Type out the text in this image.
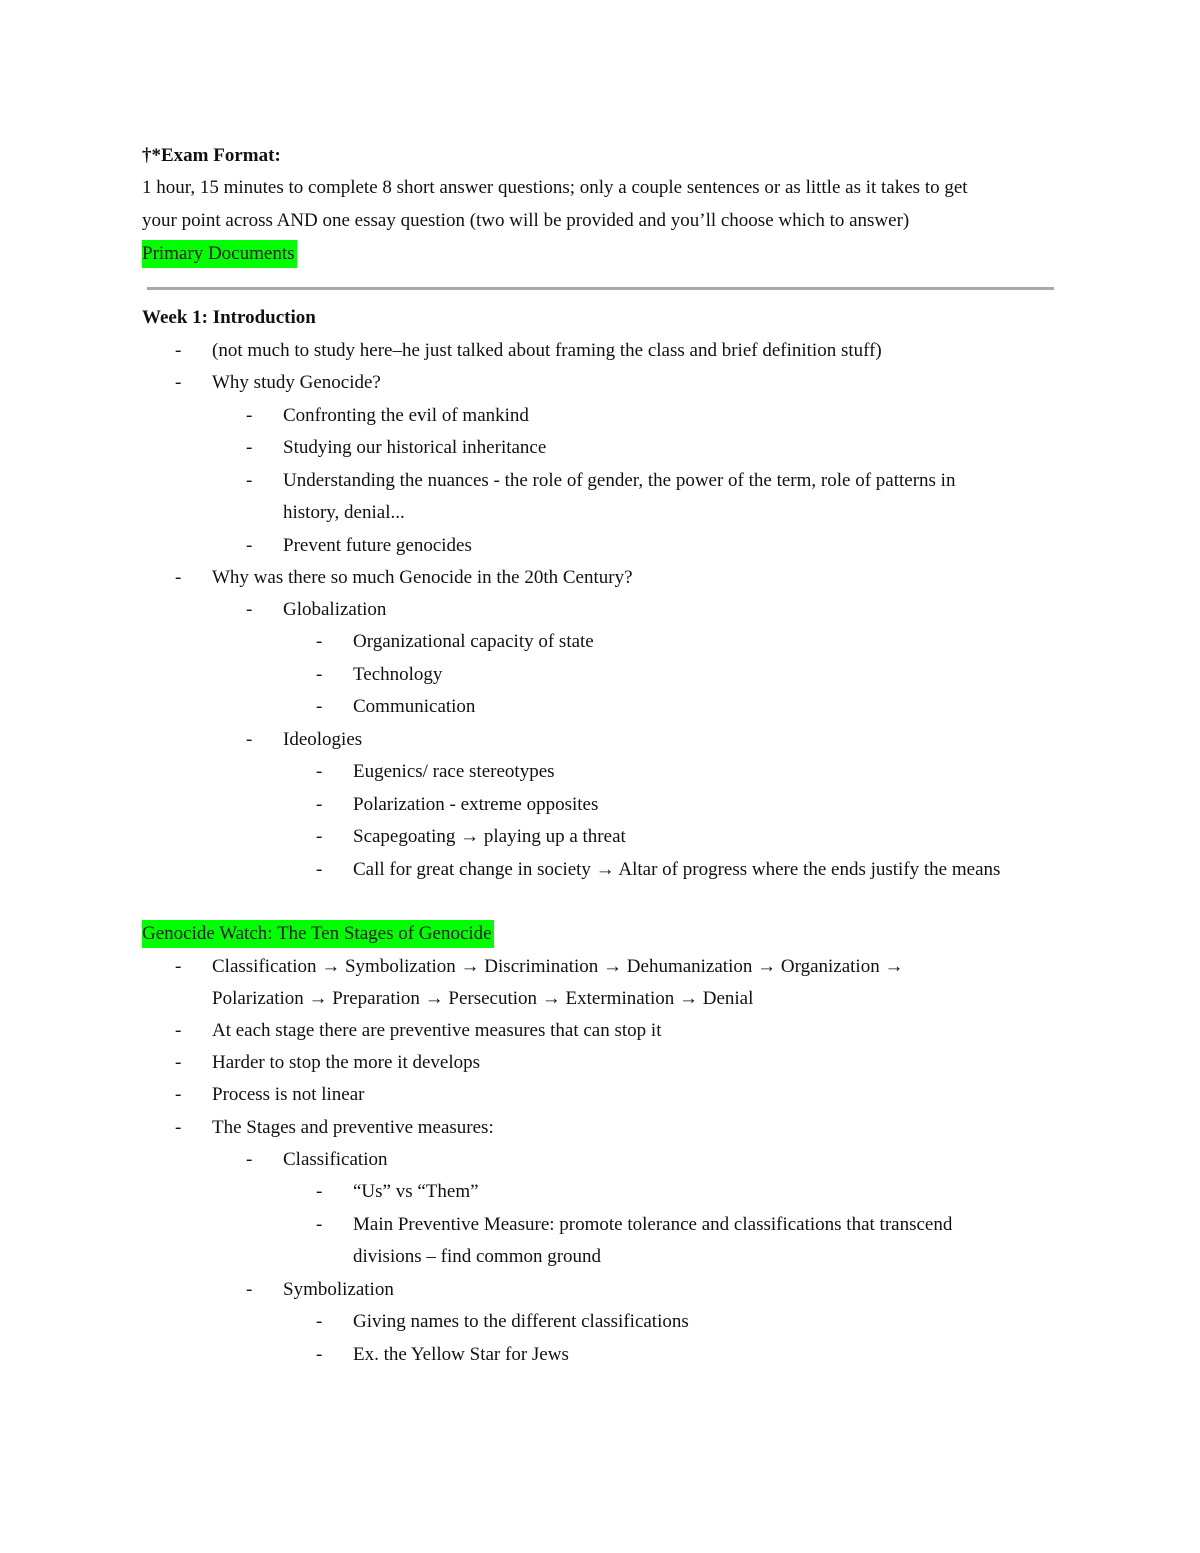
†*Exam Format:
1 hour, 15 minutes to complete 8 short answer questions; only a couple sentences or as little as it takes to get
your point across AND one essay question (two will be provided and you’ll choose which to answer)
Primary Documents
Week 1: Introduction
-	(not much to study here–he just talked about framing the class and brief definition stuff)
-	Why study Genocide?
-	Confronting the evil of mankind
-	Studying our historical inheritance
-	Understanding the nuances - the role of gender, the power of the term, role of patterns in
history, denial...
-	Prevent future genocides
-	Why was there so much Genocide in the 20th Century?
-	Globalization
-	Organizational capacity of state
-	Technology
-	Communication
-	Ideologies
-	Eugenics/ race stereotypes
-	Polarization - extreme opposites
-	Scapegoating → playing up a threat
-	Call for great change in society → Altar of progress where the ends justify the means
Genocide Watch: The Ten Stages of Genocide
-	Classification → Symbolization → Discrimination → Dehumanization → Organization →
Polarization → Preparation → Persecution → Extermination → Denial
-	At each stage there are preventive measures that can stop it
-	Harder to stop the more it develops
-	Process is not linear
-	The Stages and preventive measures:
-	Classification
-	“Us” vs “Them”
-	Main Preventive Measure: promote tolerance and classifications that transcend
divisions – find common ground
-	Symbolization
-	Giving names to the different classifications
-	Ex. the Yellow Star for Jews
